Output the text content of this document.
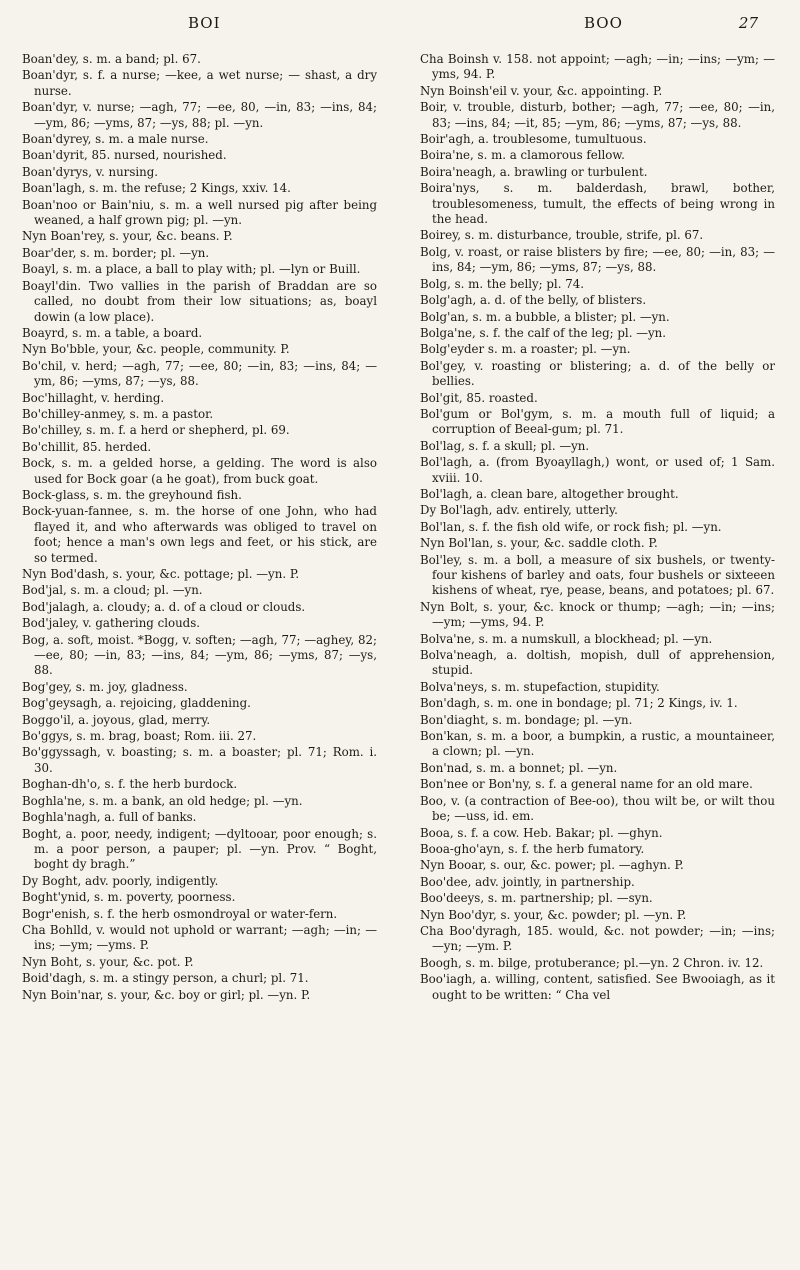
BOI	BOO	27
Boan'dey, s. m. a band; pl. 67.
Boan'dyr, s. f. a nurse; —kee, a wet nurse; — shast, a dry nurse.
Boan'dyr, v. nurse; —agh, 77; —ee, 80, —in, 83; —ins, 84; —ym, 86; —yms, 87; —ys, 88; pl. —yn.
Boan'dyrey, s. m. a male nurse.
Boan'dyrit, 85. nursed, nourished.
Boan'dyrys, v. nursing.
Boan'lagh, s. m. the refuse; 2 Kings, xxiv. 14.
Boan'noo or Bain'niu, s. m. a well nursed pig after being weaned, a half grown pig; pl. —yn.
Nyn Boan'rey, s. your, &c. beans. P.
Boar'der, s. m. border; pl. —yn.
Boayl, s. m. a place, a ball to play with; pl. —lyn or Buill.
Boayl'din. Two vallies in the parish of Braddan are so called, no doubt from their low situations; as, boayl dowin (a low place).
Boayrd, s. m. a table, a board.
Nyn Bo'bble, your, &c. people, community. P.
Bo'chil, v. herd; —agh, 77; —ee, 80; —in, 83; —ins, 84; —ym, 86; —yms, 87; —ys, 88.
Boc'hillaght, v. herding.
Bo'chilley-anmey, s. m. a pastor.
Bo'chilley, s. m. f. a herd or shepherd, pl. 69.
Bo'chillit, 85. herded.
Bock, s. m. a gelded horse, a gelding. The word is also used for Bock goar (a he goat), from buck goat.
Bock-glass, s. m. the greyhound fish.
Bock-yuan-fannee, s. m. the horse of one John, who had flayed it, and who afterwards was obliged to travel on foot; hence a man's own legs and feet, or his stick, are so termed.
Nyn Bod'dash, s. your, &c. pottage; pl. —yn. P.
Bod'jal, s. m. a cloud; pl. —yn.
Bod'jalagh, a. cloudy; a. d. of a cloud or clouds.
Bod'jaley, v. gathering clouds.
Bog, a. soft, moist. *Bogg, v. soften; —agh, 77; —aghey, 82; —ee, 80; —in, 83; —ins, 84; —ym, 86; —yms, 87; —ys, 88.
Bog'gey, s. m. joy, gladness.
Bog'geysagh, a. rejoicing, gladdening.
Boggo'il, a. joyous, glad, merry.
Bo'ggys, s. m. brag, boast; Rom. iii. 27.
Bo'ggyssagh, v. boasting; s. m. a boaster; pl. 71; Rom. i. 30.
Boghan-dh'o, s. f. the herb burdock.
Boghla'ne, s. m. a bank, an old hedge; pl. —yn.
Boghla'nagh, a. full of banks.
Boght, a. poor, needy, indigent; —dyltooar, poor enough; s. m. a poor person, a pauper; pl. —yn. Prov. “ Boght, boght dy bragh.”
Dy Boght, adv. poorly, indigently.
Boght'ynid, s. m. poverty, poorness.
Bogr'enish, s. f. the herb osmondroyal or water-fern.
Cha Bohlld, v. would not uphold or warrant; —agh; —in; —ins; —ym; —yms. P.
Nyn Boht, s. your, &c. pot. P.
Boid'dagh, s. m. a stingy person, a churl; pl. 71.
Nyn Boin'nar, s. your, &c. boy or girl; pl. —yn. P.
Cha Boinsh v. 158. not appoint; —agh; —in; —ins; —ym; —yms, 94. P.
Nyn Boinsh'eil v. your, &c. appointing. P.
Boir, v. trouble, disturb, bother; —agh, 77; —ee, 80; —in, 83; —ins, 84; —it, 85; —ym, 86; —yms, 87; —ys, 88.
Boir'agh, a. troublesome, tumultuous.
Boira'ne, s. m. a clamorous fellow.
Boira'neagh, a. brawling or turbulent.
Boira'nys, s. m. balderdash, brawl, bother, troublesomeness, tumult, the effects of being wrong in the head.
Boirey, s. m. disturbance, trouble, strife, pl. 67.
Bolg, v. roast, or raise blisters by fire; —ee, 80; —in, 83; —ins, 84; —ym, 86; —yms, 87; —ys, 88.
Bolg, s. m. the belly; pl. 74.
Bolg'agh, a. d. of the belly, of blisters.
Bolg'an, s. m. a bubble, a blister; pl. —yn.
Bolga'ne, s. f. the calf of the leg; pl. —yn.
Bolg'eyder s. m. a roaster; pl. —yn.
Bol'gey, v. roasting or blistering; a. d. of the belly or bellies.
Bol'git, 85. roasted.
Bol'gum or Bol'gym, s. m. a mouth full of liquid; a corruption of Beeal-gum; pl. 71.
Bol'lag, s. f. a skull; pl. —yn.
Bol'lagh, a. (from Byoayllagh,) wont, or used of; 1 Sam. xviii. 10.
Bol'lagh, a. clean bare, altogether brought.
Dy Bol'lagh, adv. entirely, utterly.
Bol'lan, s. f. the fish old wife, or rock fish; pl. —yn.
Nyn Bol'lan, s. your, &c. saddle cloth. P.
Bol'ley, s. m. a boll, a measure of six bushels, or twenty-four kishens of barley and oats, four bushels or sixteeen kishens of wheat, rye, pease, beans, and potatoes; pl. 67.
Nyn Bolt, s. your, &c. knock or thump; —agh; —in; —ins; —ym; —yms, 94. P.
Bolva'ne, s. m. a numskull, a blockhead; pl. —yn.
Bolva'neagh, a. doltish, mopish, dull of apprehension, stupid.
Bolva'neys, s. m. stupefaction, stupidity.
Bon'dagh, s. m. one in bondage; pl. 71; 2 Kings, iv. 1.
Bon'diaght, s. m. bondage; pl. —yn.
Bon'kan, s. m. a boor, a bumpkin, a rustic, a mountaineer, a clown; pl. —yn.
Bon'nad, s. m. a bonnet; pl. —yn.
Bon'nee or Bon'ny, s. f. a general name for an old mare.
Boo, v. (a contraction of Bee-oo), thou wilt be, or wilt thou be; —uss, id. em.
Booa, s. f. a cow. Heb. Bakar; pl. —ghyn.
Booa-gho'ayn, s. f. the herb fumatory.
Nyn Booar, s. our, &c. power; pl. —aghyn. P.
Boo'dee, adv. jointly, in partnership.
Boo'deeys, s. m. partnership; pl. —syn.
Nyn Boo'dyr, s. your, &c. powder; pl. —yn. P.
Cha Boo'dyragh, 185. would, &c. not powder; —in; —ins; —yn; —ym. P.
Boogh, s. m. bilge, protuberance; pl.—yn. 2 Chron. iv. 12.
Boo'iagh, a. willing, content, satisfied. See Bwooiagh, as it ought to be written: “ Cha vel
